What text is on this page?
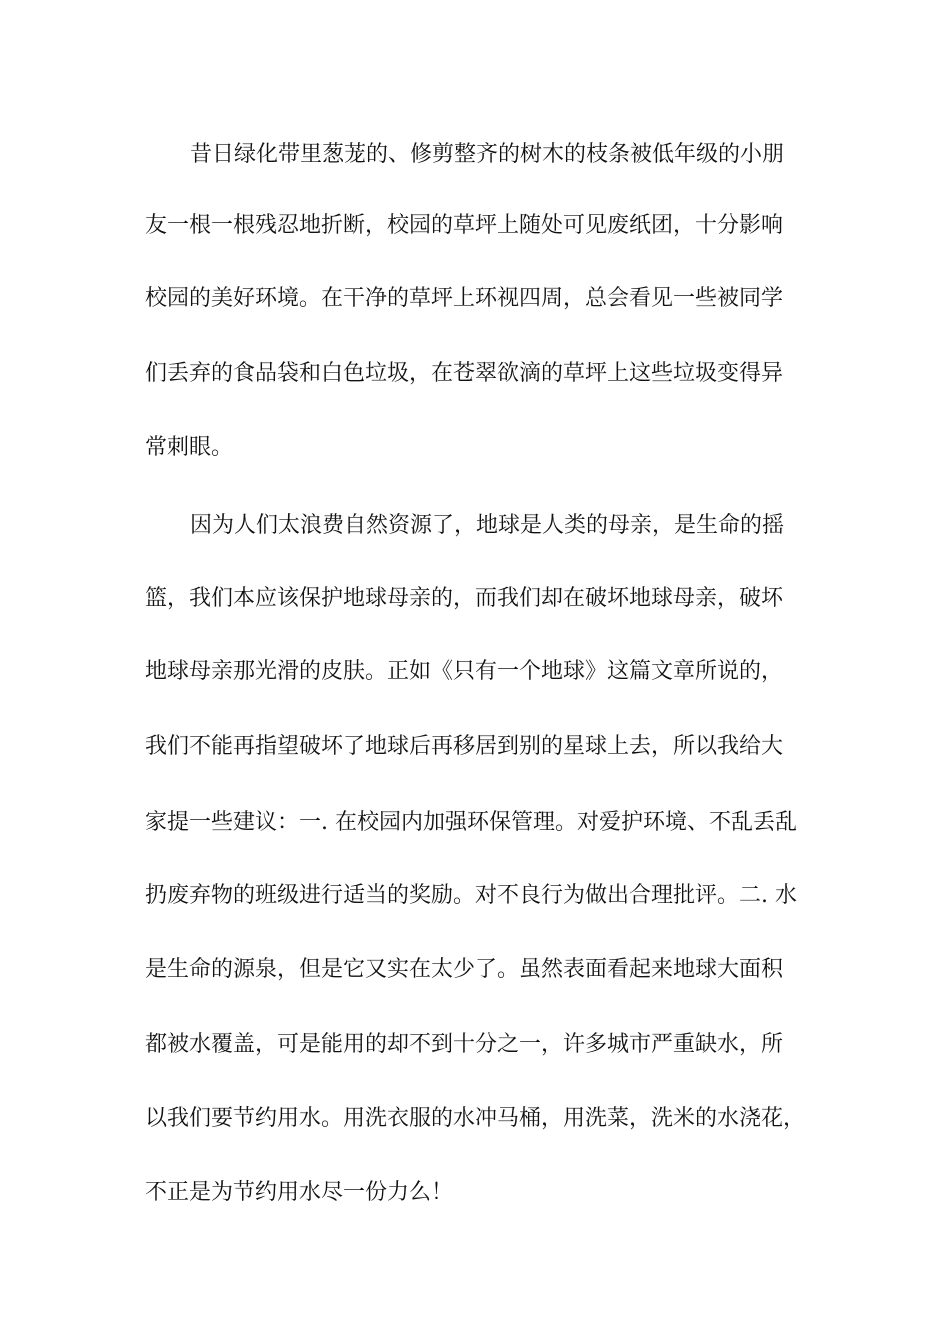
昔日绿化带里葱茏的、修剪整齐的树木的枝条被低年级的小朋
友一根一根残忍地折断，校园的草坪上随处可见废纸团，十分影响
校园的美好环境。在干净的草坪上环视四周，总会看见一些被同学
们丢弃的食品袋和白色垃圾，在苍翠欲滴的草坪上这些垃圾变得异
常刺眼。
因为人们太浪费自然资源了，地球是人类的母亲，是生命的摇
篮，我们本应该保护地球母亲的，而我们却在破坏地球母亲，破坏
地球母亲那光滑的皮肤。正如《只有一个地球》这篇文章所说的，
我们不能再指望破坏了地球后再移居到别的星球上去，所以我给大
家提一些建议：一. 在校园内加强环保管理。对爱护环境、不乱丢乱
扔废弃物的班级进行适当的奖励。对不良行为做出合理批评。二. 水
是生命的源泉，但是它又实在太少了。虽然表面看起来地球大面积
都被水覆盖，可是能用的却不到十分之一，许多城市严重缺水，所
以我们要节约用水。用洗衣服的水冲马桶，用洗菜，洗米的水浇花，
不正是为节约用水尽一份力么！
